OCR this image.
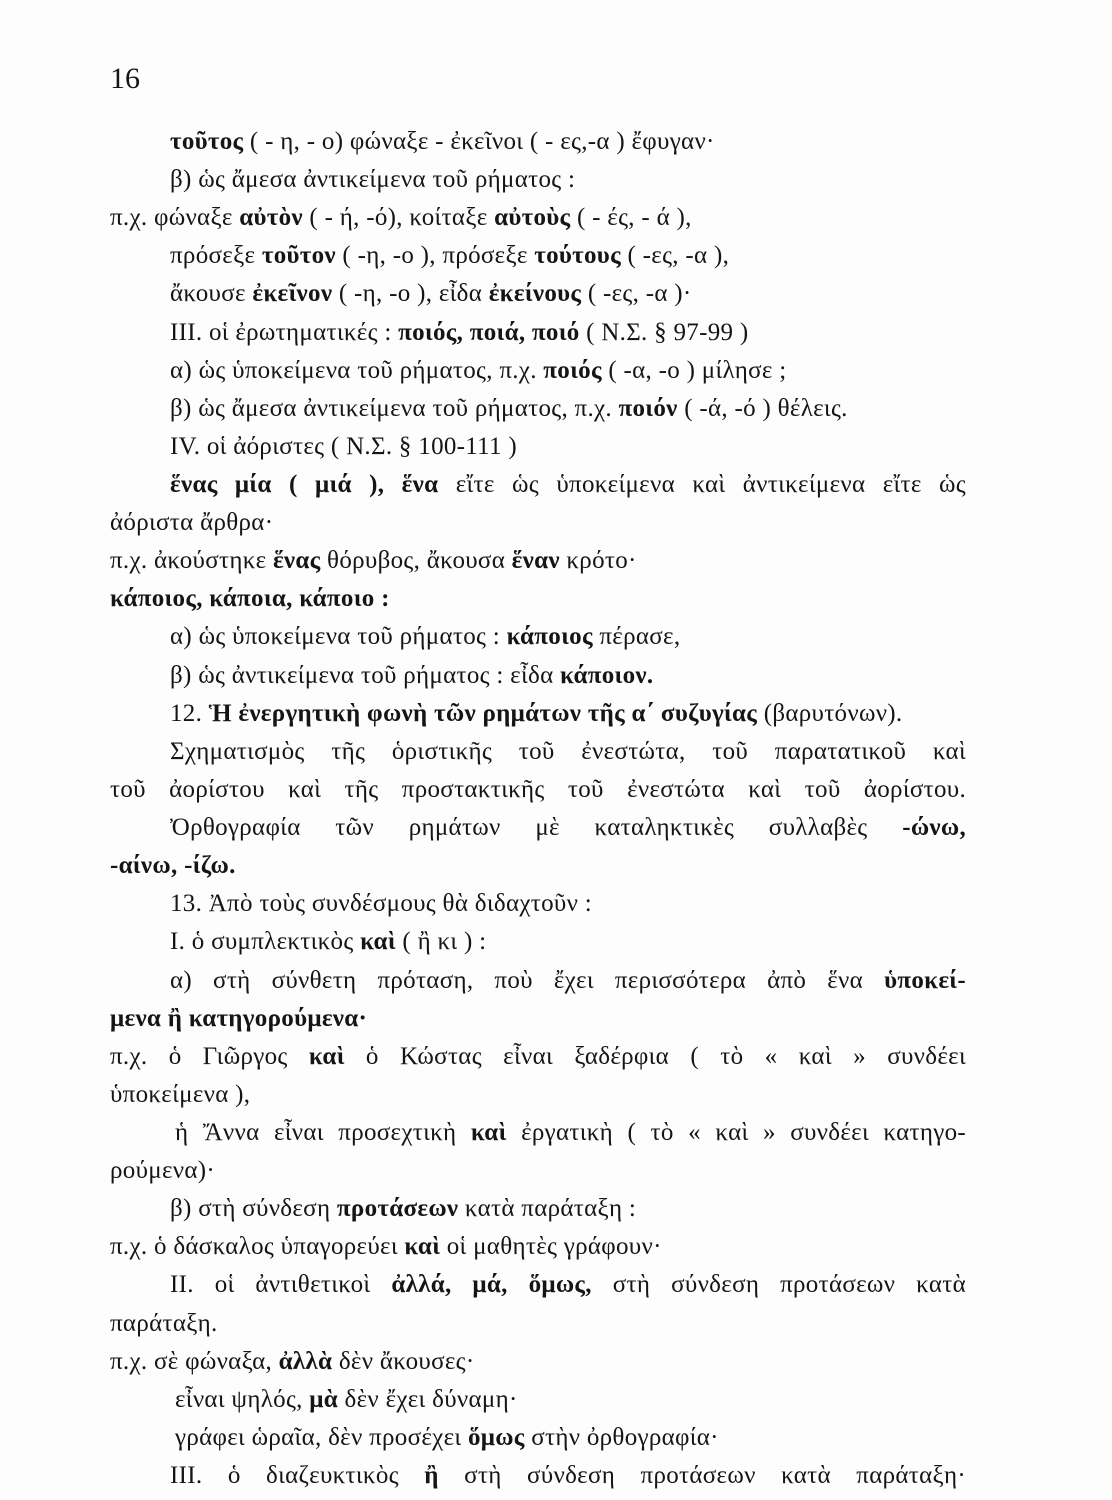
16
τοῦτος ( - η, - ο) φώναξε - ἐκεῖνοι ( - ες,-α ) ἔφυγαν·
β) ὡς ἄμεσα ἀντικείμενα τοῦ ρήματος :
π.χ. φώναξε αὐτὸν ( - ή, -ό), κοίταξε αὐτοὺς ( - ές, - ά ),
πρόσεξε τοῦτον ( -η, -ο ), πρόσεξε τούτους ( -ες, -α ),
ἄκουσε ἐκεῖνον ( -η, -ο ), εἶδα ἐκείνους ( -ες, -α )·
III. οἱ ἐρωτηματικές : ποιός, ποιά, ποιό ( Ν.Σ. § 97-99 )
α) ὡς ὑποκείμενα τοῦ ρήματος, π.χ. ποιός ( -α, -ο ) μίλησε ;
β) ὡς ἄμεσα ἀντικείμενα τοῦ ρήματος, π.χ. ποιόν ( -ά, -ό ) θέλεις.
IV. οἱ ἀόριστες ( Ν.Σ. § 100-111 )
ἕνας μία ( μιά ), ἕνα εἴτε ὡς ὑποκείμενα καὶ ἀντικείμενα εἴτε ὡς
ἀόριστα ἄρθρα·
π.χ. ἀκούστηκε ἕνας θόρυβος, ἄκουσα ἕναν κρότο·
κάποιος, κάποια, κάποιο :
α) ὡς ὑποκείμενα τοῦ ρήματος : κάποιος πέρασε,
β) ὡς ἀντικείμενα τοῦ ρήματος : εἶδα κάποιον.
12. Ἡ ἐνεργητικὴ φωνὴ τῶν ρημάτων τῆς α΄ συζυγίας (βαρυτόνων).
Σχηματισμὸς τῆς ὁριστικῆς τοῦ ἐνεστώτα, τοῦ παρατατικοῦ καὶ
τοῦ ἀορίστου καὶ τῆς προστακτικῆς τοῦ ἐνεστώτα καὶ τοῦ ἀορίστου.
Ὀρθογραφία τῶν ρημάτων μὲ καταληκτικὲς συλλαβὲς -ώνω,
-αίνω, -ίζω.
13. Ἀπὸ τοὺς συνδέσμους θὰ διδαχτοῦν :
I. ὁ συμπλεκτικὸς καὶ ( ἢ κι ) :
α) στὴ σύνθετη πρόταση, ποὺ ἔχει περισσότερα ἀπὸ ἕνα ὑποκεί-
μενα ἢ κατηγορούμενα·
π.χ. ὁ Γιῶργος καὶ ὁ Κώστας εἶναι ξαδέρφια ( τὸ « καὶ » συνδέει
ὑποκείμενα ),
ἡ Ἄννα εἶναι προσεχτικὴ καὶ ἐργατικὴ ( τὸ « καὶ » συνδέει κατηγο-
ρούμενα)·
β) στὴ σύνδεση προτάσεων κατὰ παράταξη :
π.χ. ὁ δάσκαλος ὑπαγορεύει καὶ οἱ μαθητὲς γράφουν·
II. οἱ ἀντιθετικοὶ ἀλλά, μά, ὅμως, στὴ σύνδεση προτάσεων κατὰ
παράταξη.
π.χ. σὲ φώναξα, ἀλλὰ δὲν ἄκουσες·
εἶναι ψηλός, μὰ δὲν ἔχει δύναμη·
γράφει ὡραῖα, δὲν προσέχει ὅμως στὴν ὀρθογραφία·
III. ὁ διαζευκτικὸς ἢ στὴ σύνδεση προτάσεων κατὰ παράταξη·
